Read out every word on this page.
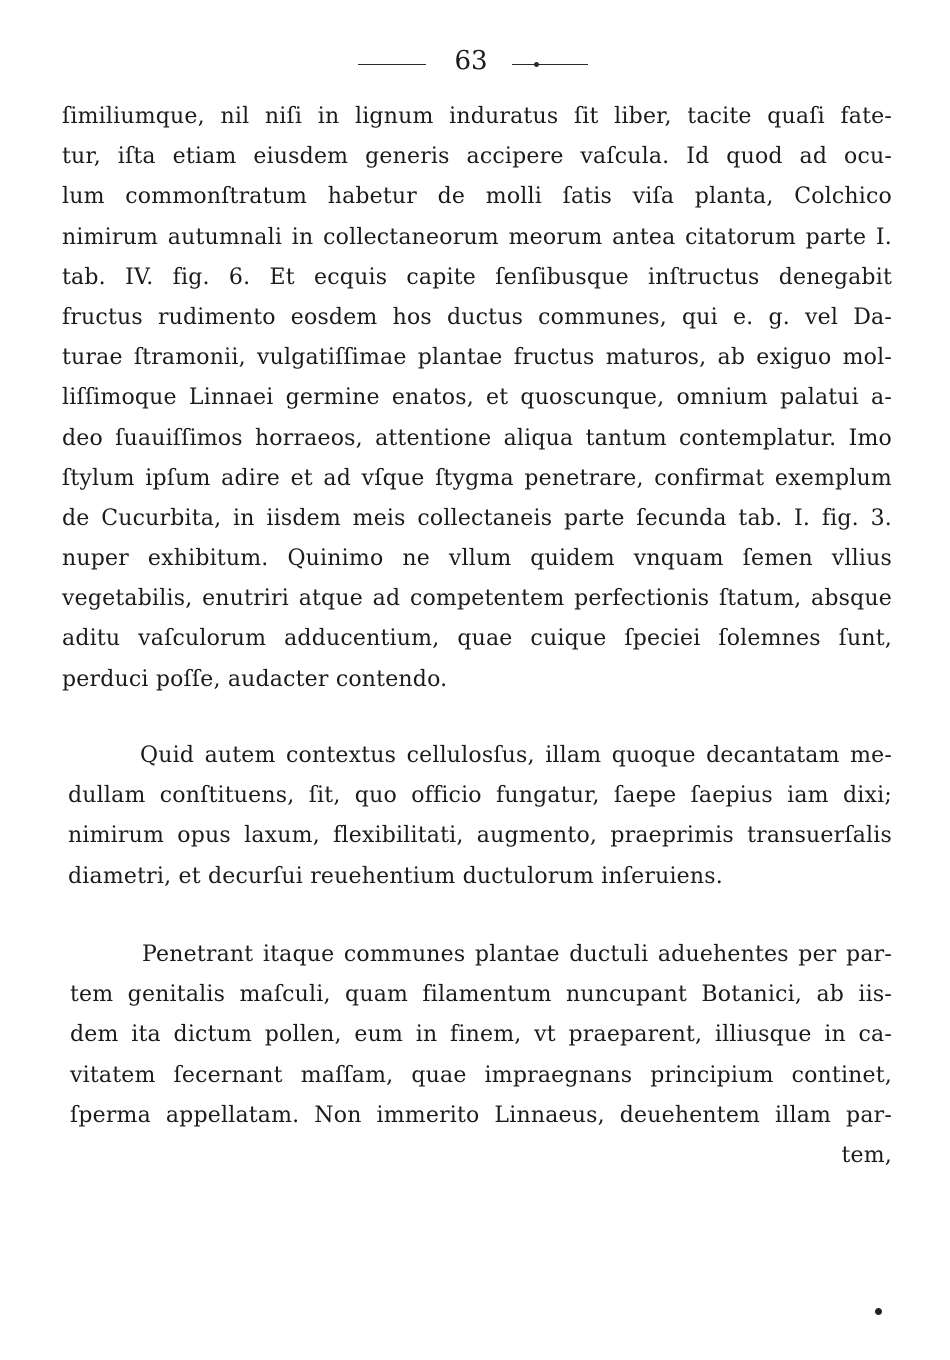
63
ſimiliumque, nil niſi in lignum induratus ſit liber, tacite quaſi fate-
tur, iſta etiam eiusdem generis accipere vaſcula. Id quod ad ocu-
lum commonſtratum habetur de molli ſatis viſa planta, Colchico
nimirum autumnali in collectaneorum meorum antea citatorum parte I.
tab. IV. fig. 6. Et ecquis capite ſenſibusque inſtructus denegabit
fructus rudimento eosdem hos ductus communes, qui e. g. vel Da-
turae ſtramonii, vulgatiſſimae plantae fructus maturos, ab exiguo mol-
liſſimoque Linnaei germine enatos, et quoscunque, omnium palatui a-
deo ſuauiſſimos horraeos, attentione aliqua tantum contemplatur. Imo
ſtylum ipſum adire et ad vſque ſtygma penetrare, confirmat exemplum
de Cucurbita, in iisdem meis collectaneis parte ſecunda tab. I. fig. 3.
nuper exhibitum. Quinimo ne vllum quidem vnquam ſemen vllius
vegetabilis, enutriri atque ad competentem perfectionis ſtatum, absque
aditu vaſculorum adducentium, quae cuique ſpeciei ſolemnes ſunt,
perduci poſſe, audacter contendo.
Quid autem contextus cellulosſus, illam quoque decantatam me-
dullam conſtituens, ſit, quo officio fungatur, ſaepe ſaepius iam dixi;
nimirum opus laxum, flexibilitati, augmento, praeprimis transuerſalis
diametri, et decurſui reuehentium ductulorum inſeruiens.
Penetrant itaque communes plantae ductuli aduehentes per par-
tem genitalis maſculi, quam filamentum nuncupant Botanici, ab iis-
dem ita dictum pollen, eum in finem, vt praeparent, illiusque in ca-
vitatem ſecernant maſſam, quae impraegnans principium continet,
ſperma appellatam. Non immerito Linnaeus, deuehentem illam par-
tem,
